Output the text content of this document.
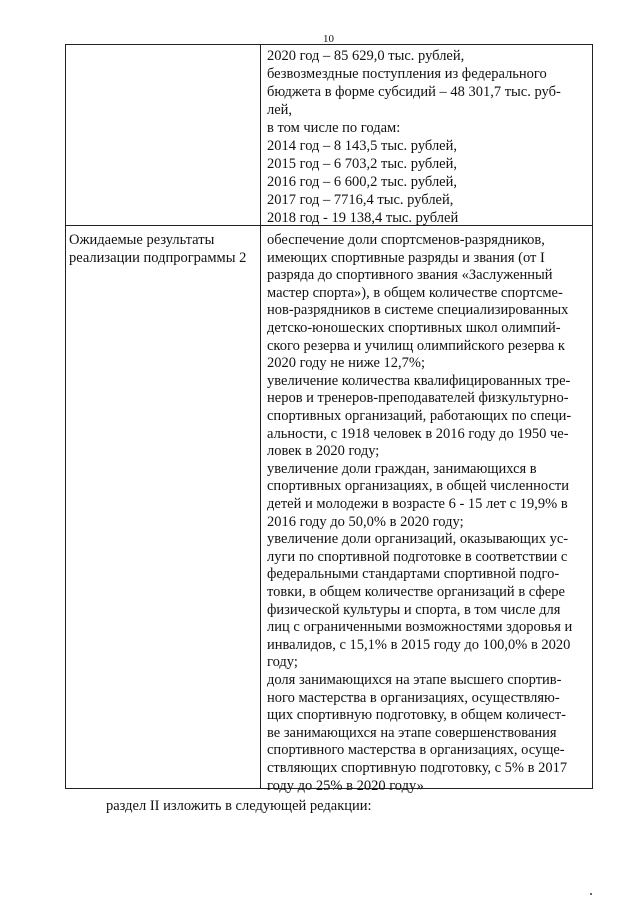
10
2020 год – 85 629,0 тыс. рублей,
безвозмездные поступления из федерального
бюджета в форме субсидий – 48 301,7 тыс. руб-
лей,
в том числе по годам:
2014 год – 8 143,5 тыс. рублей,
2015 год – 6 703,2 тыс. рублей,
2016 год – 6 600,2 тыс. рублей,
2017 год – 7716,4 тыс. рублей,
2018 год - 19 138,4 тыс. рублей
Ожидаемые результаты
реализации подпрограммы 2
обеспечение доли спортсменов-разрядников,
имеющих спортивные разряды и звания (от I
разряда до спортивного звания «Заслуженный
мастер спорта»), в общем количестве спортсме-
нов-разрядников в системе специализированных
детско-юношеских спортивных школ олимпий-
ского резерва и училищ олимпийского резерва к
2020 году не ниже 12,7%;
увеличение количества квалифицированных тре-
неров и тренеров-преподавателей физкультурно-
спортивных организаций, работающих по специ-
альности, с 1918 человек в 2016 году до 1950 че-
ловек в 2020 году;
увеличение доли граждан, занимающихся в
спортивных организациях, в общей численности
детей и молодежи в возрасте 6 - 15 лет с 19,9% в
2016 году до 50,0% в 2020 году;
увеличение доли организаций, оказывающих ус-
луги по спортивной подготовке в соответствии с
федеральными стандартами спортивной подго-
товки, в общем количестве организаций в сфере
физической культуры и спорта, в том числе для
лиц с ограниченными возможностями здоровья и
инвалидов, с 15,1% в 2015 году до 100,0% в 2020
году;
доля занимающихся на этапе высшего спортив-
ного мастерства в организациях, осуществляю-
щих спортивную подготовку, в общем количест-
ве занимающихся на этапе совершенствования
спортивного мастерства в организациях, осуще-
ствляющих спортивную подготовку, с 5% в 2017
году до 25% в 2020 году»
раздел II изложить в следующей редакции:
